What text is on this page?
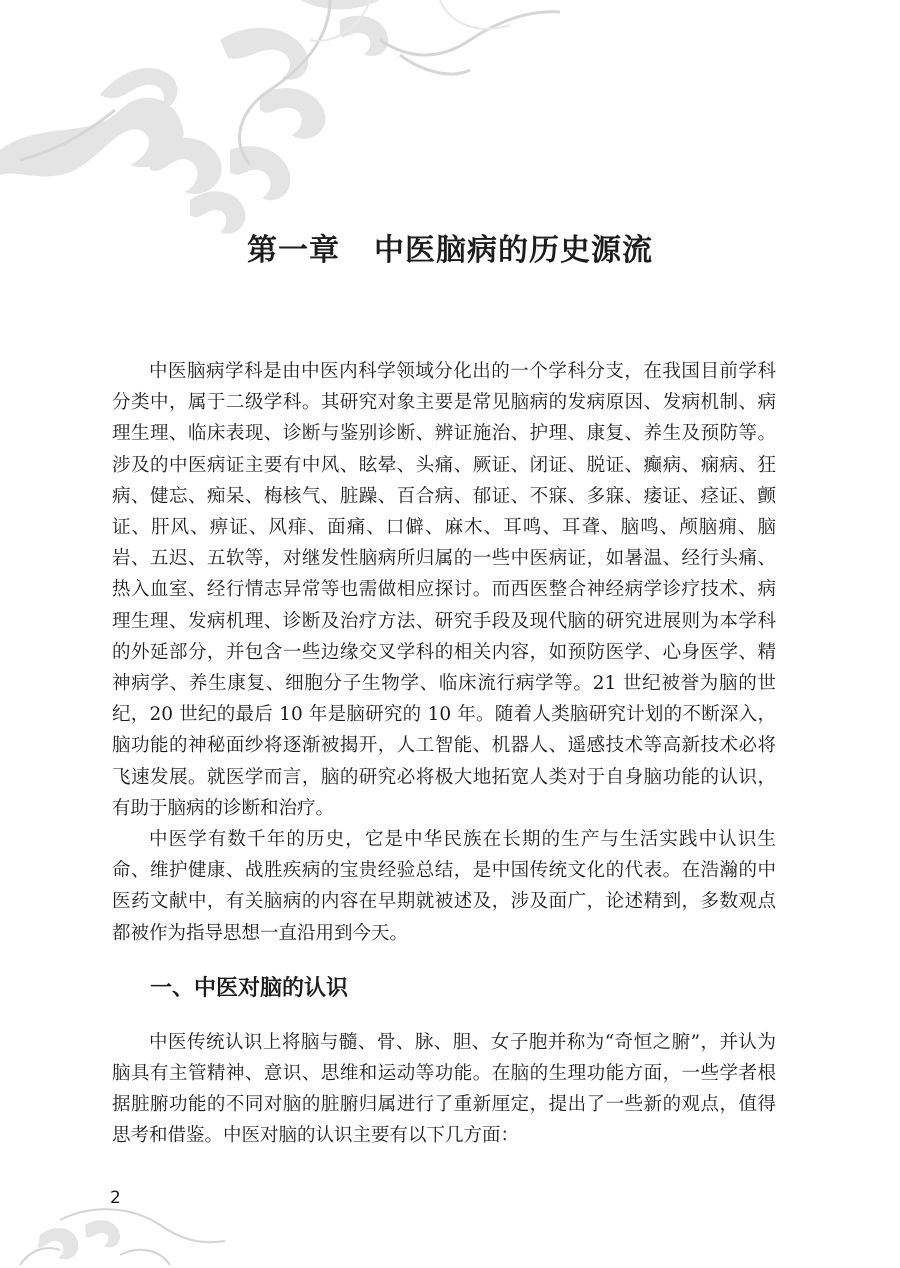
第一章 中医脑病的历史源流

中医脑病学科是由中医内科学领域分化出的一个学科分支，在我国目前学科分类中，属于二级学科。其研究对象主要是常见脑病的发病原因、发病机制、病理生理、临床表现、诊断与鉴别诊断、辨证施治、护理、康复、养生及预防等。涉及的中医病证主要有中风、眩晕、头痛、厥证、闭证、脱证、癫病、痫病、狂病、健忘、痴呆、梅核气、脏躁、百合病、郁证、不寐、多寐、痿证、痉证、颤证、肝风、痹证、风痱、面痛、口僻、麻木、耳鸣、耳聋、脑鸣、颅脑痈、脑岩、五迟、五软等，对继发性脑病所归属的一些中医病证，如暑温、经行头痛、热入血室、经行情志异常等也需做相应探讨。而西医整合神经病学诊疗技术、病理生理、发病机理、诊断及治疗方法、研究手段及现代脑的研究进展则为本学科的外延部分，并包含一些边缘交叉学科的相关内容，如预防医学、心身医学、精神病学、养生康复、细胞分子生物学、临床流行病学等。21 世纪被誉为脑的世纪，20 世纪的最后 10 年是脑研究的 10 年。随着人类脑研究计划的不断深入，脑功能的神秘面纱将逐渐被揭开，人工智能、机器人、遥感技术等高新技术必将飞速发展。就医学而言，脑的研究必将极大地拓宽人类对于自身脑功能的认识，有助于脑病的诊断和治疗。

中医学有数千年的历史，它是中华民族在长期的生产与生活实践中认识生命、维护健康、战胜疾病的宝贵经验总结，是中国传统文化的代表。在浩瀚的中医药文献中，有关脑病的内容在早期就被述及，涉及面广，论述精到，多数观点都被作为指导思想一直沿用到今天。

一、中医对脑的认识

中医传统认识上将脑与髓、骨、脉、胆、女子胞并称为“奇恒之腑”，并认为脑具有主管精神、意识、思维和运动等功能。在脑的生理功能方面，一些学者根据脏腑功能的不同对脑的脏腑归属进行了重新厘定，提出了一些新的观点，值得思考和借鉴。中医对脑的认识主要有以下几方面：

2
